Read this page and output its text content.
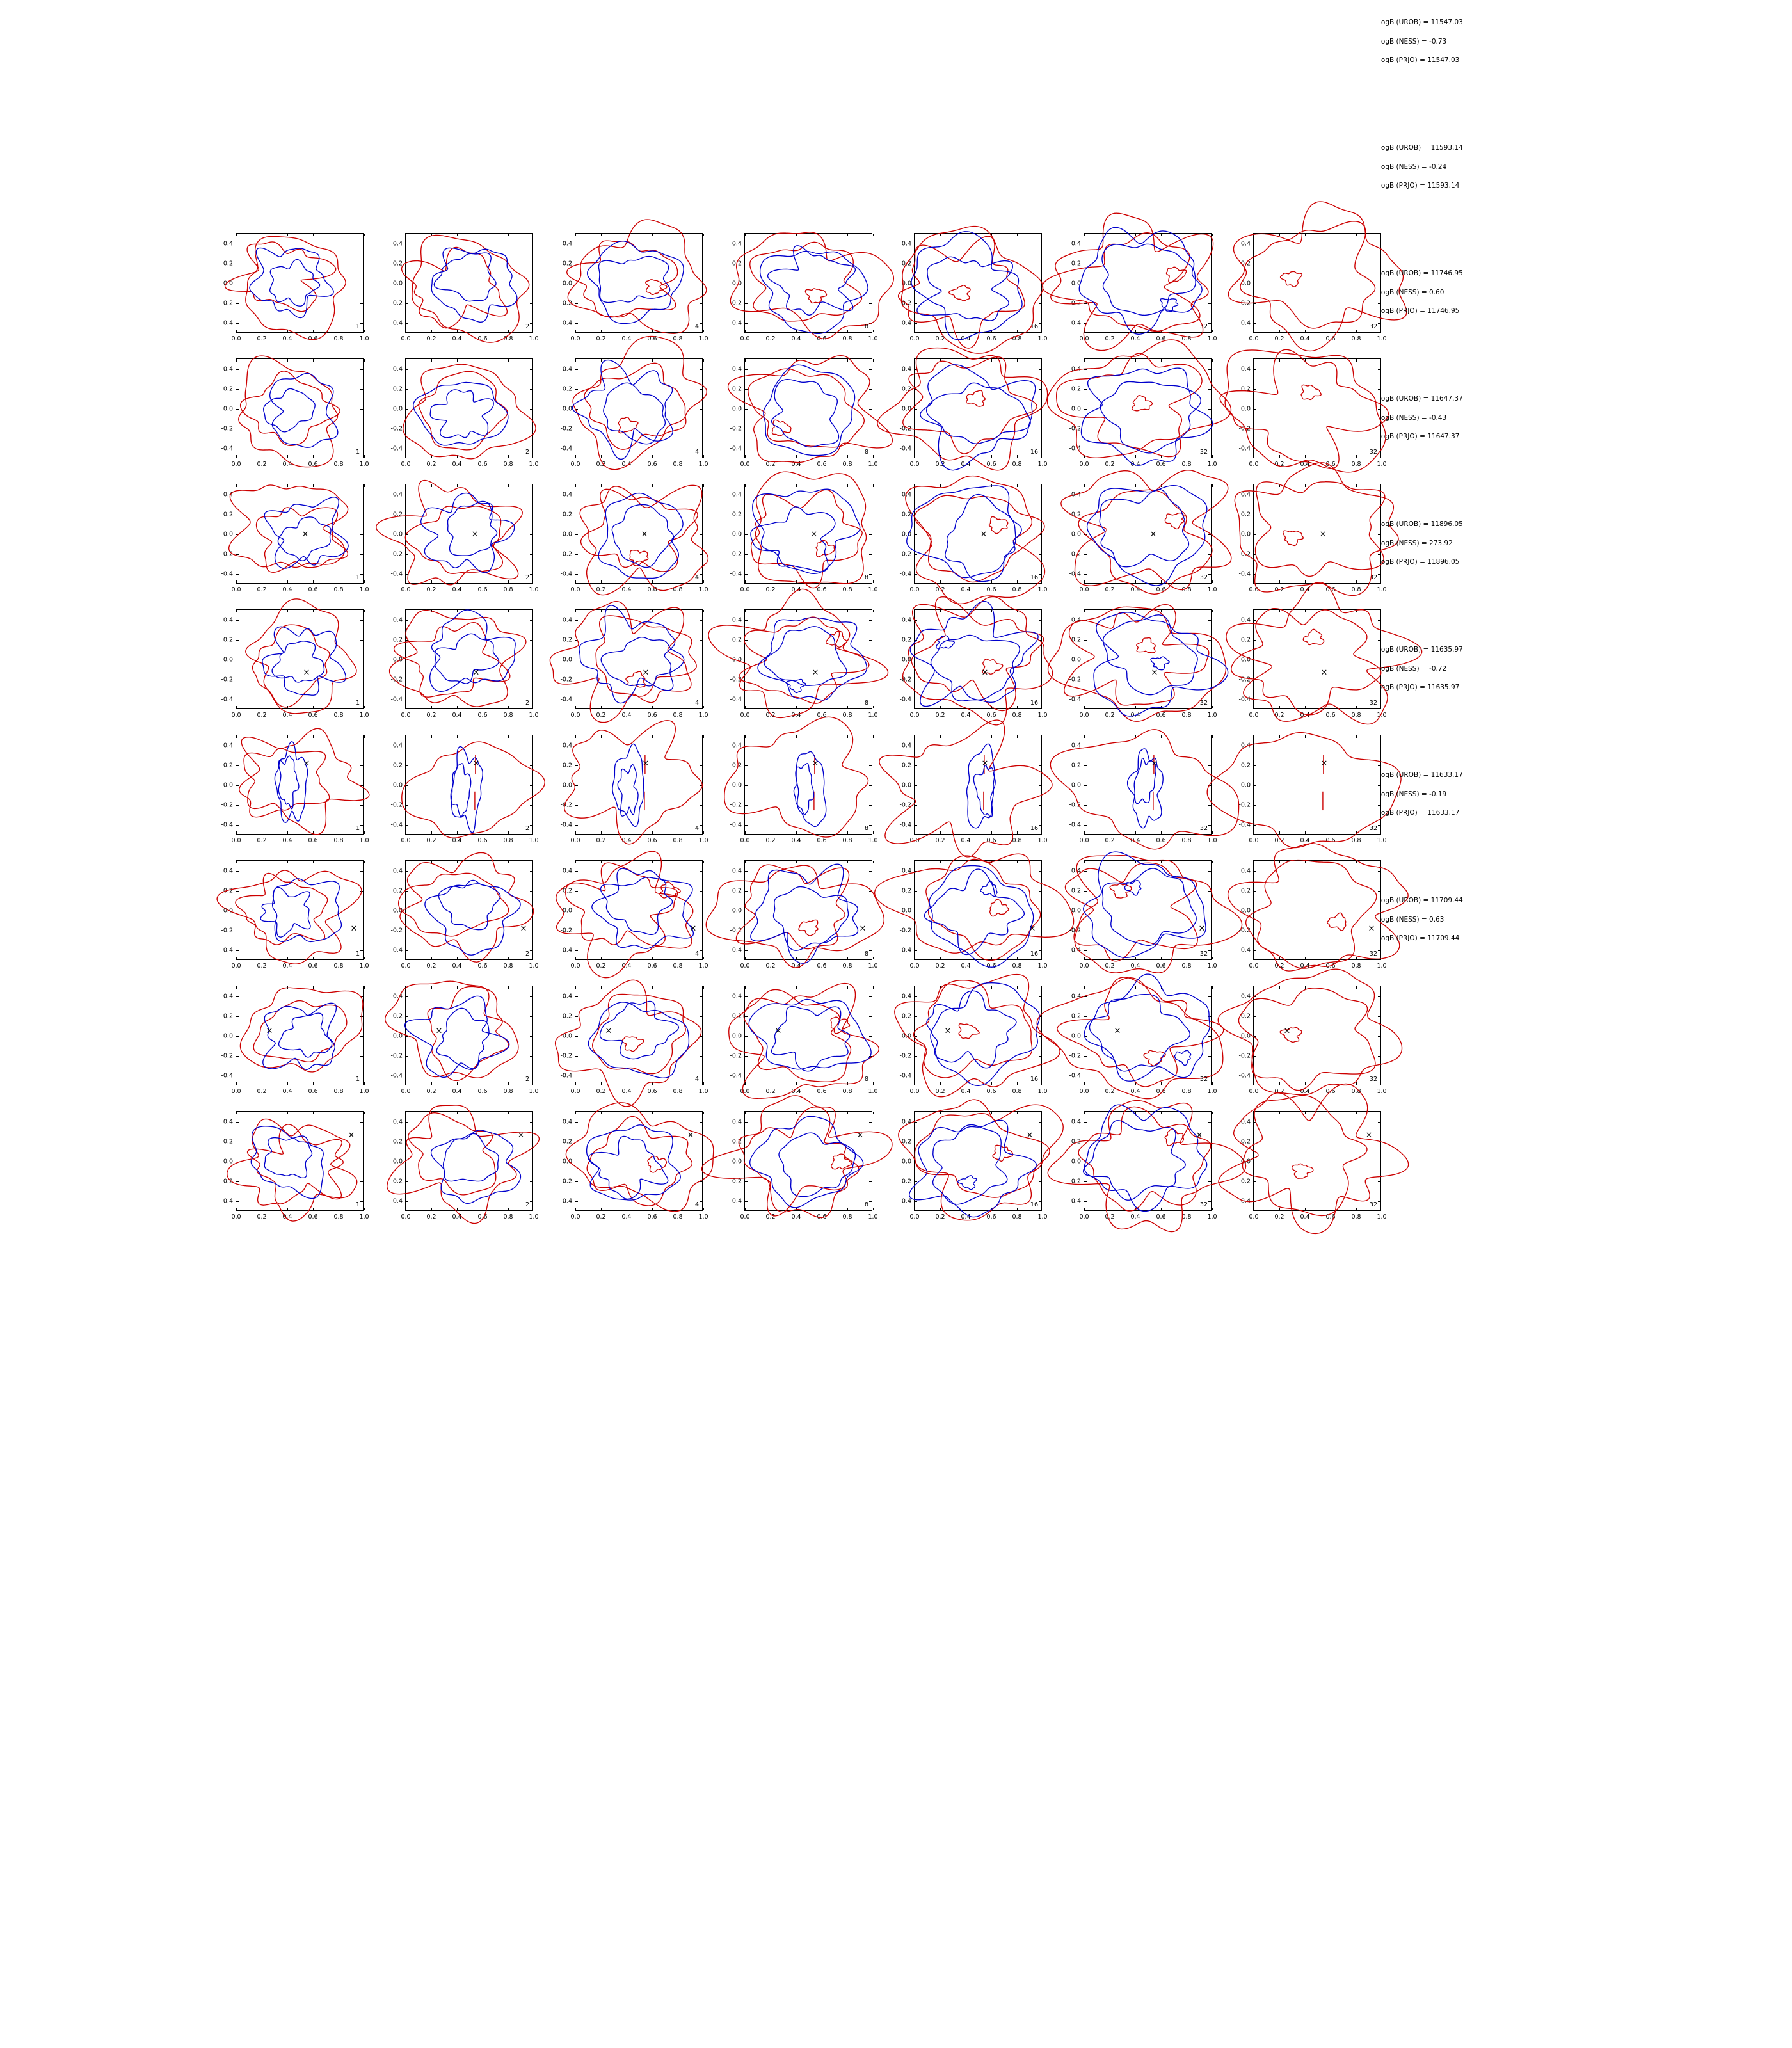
-0.4
-0.2
0.0
0.2
0.4
0.0	0.2	0.4	0.6	0.8	1.0
1	-0.4
-0.2
0.0
0.2
0.4
0.0	0.2	0.4	0.6	0.8	1.0
2	-0.4
-0.2
0.0
0.2
0.4
0.0	0.2	0.4	0.6	0.8	1.0
4	-0.4
-0.2
0.0
0.2
0.4
0.0	0.2	0.4	0.6	0.8	1.0
8	-0.4
-0.2
0.0
0.2
0.4
0.0	0.2	0.4	0.6	0.8	1.0
16	-0.4
-0.2
0.0
0.2
0.4
0.0	0.2	0.4	0.6	0.8	1.0
32	-0.4
-0.2
0.0
0.2
0.4
0.0	0.2	0.4	0.6	0.8	1.0
32
-0.4
-0.2
0.0
0.2
0.4
0.0	0.2	0.4	0.6	0.8	1.0
1	-0.4
-0.2
0.0
0.2
0.4
0.0	0.2	0.4	0.6	0.8	1.0
2	-0.4
-0.2
0.0
0.2
0.4
0.0	0.2	0.4	0.6	0.8	1.0
4	-0.4
-0.2
0.0
0.2
0.4
0.0	0.2	0.4	0.6	0.8	1.0
8	-0.4
-0.2
0.0
0.2
0.4
0.0	0.2	0.4	0.6	0.8	1.0
16	-0.4
-0.2
0.0
0.2
0.4
0.0	0.2	0.4	0.6	0.8	1.0
32	-0.4
-0.2
0.0
0.2
0.4
0.0	0.2	0.4	0.6	0.8	1.0
32
-0.4
-0.2
0.0
0.2
0.4
0.0	0.2	0.4	0.6	0.8	1.0
×
1	-0.4
-0.2
0.0
0.2
0.4
0.0	0.2	0.4	0.6	0.8	1.0
×
2	-0.4
-0.2
0.0
0.2
0.4
0.0	0.2	0.4	0.6	0.8	1.0
×
4	-0.4
-0.2
0.0
0.2
0.4
0.0	0.2	0.4	0.6	0.8	1.0
×
8	-0.4
-0.2
0.0
0.2
0.4
0.0	0.2	0.4	0.6	0.8	1.0
×
16	-0.4
-0.2
0.0
0.2
0.4
0.0	0.2	0.4	0.6	0.8	1.0
×
32	-0.4
-0.2
0.0
0.2
0.4
0.0	0.2	0.4	0.6	0.8	1.0
×
32
-0.4
-0.2
0.0
0.2
0.4
0.0	0.2	0.4	0.6	0.8	1.0
×
1	-0.4
-0.2
0.0
0.2
0.4
0.0	0.2	0.4	0.6	0.8	1.0
×
2	-0.4
-0.2
0.0
0.2
0.4
0.0	0.2	0.4	0.6	0.8	1.0
×
4	-0.4
-0.2
0.0
0.2
0.4
0.0	0.2	0.4	0.6	0.8	1.0
×
8	-0.4
-0.2
0.0
0.2
0.4
0.0	0.2	0.4	0.6	0.8	1.0
×
16	-0.4
-0.2
0.0
0.2
0.4
0.0	0.2	0.4	0.6	0.8	1.0
×
32	-0.4
-0.2
0.0
0.2
0.4
0.0	0.2	0.4	0.6	0.8	1.0
×
32
-0.4
-0.2
0.0
0.2
0.4
0.0	0.2	0.4	0.6	0.8	1.0
×
1	-0.4
-0.2
0.0
0.2
0.4
0.0	0.2	0.4	0.6	0.8	1.0
×
2	-0.4
-0.2
0.0
0.2
0.4
0.0	0.2	0.4	0.6	0.8	1.0
×
4	-0.4
-0.2
0.0
0.2
0.4
0.0	0.2	0.4	0.6	0.8	1.0
×
8	-0.4
-0.2
0.0
0.2
0.4
0.0	0.2	0.4	0.6	0.8	1.0
×
16	-0.4
-0.2
0.0
0.2
0.4
0.0	0.2	0.4	0.6	0.8	1.0
×
32	-0.4
-0.2
0.0
0.2
0.4
0.0	0.2	0.4	0.6	0.8	1.0
×
32
-0.4
-0.2
0.0
0.2
0.4
0.0	0.2	0.4	0.6	0.8	1.0
×
1	-0.4
-0.2
0.0
0.2
0.4
0.0	0.2	0.4	0.6	0.8	1.0
×
2	-0.4
-0.2
0.0
0.2
0.4
0.0	0.2	0.4	0.6	0.8	1.0
×
4	-0.4
-0.2
0.0
0.2
0.4
0.0	0.2	0.4	0.6	0.8	1.0
×
8	-0.4
-0.2
0.0
0.2
0.4
0.0	0.2	0.4	0.6	0.8	1.0
×
16	-0.4
-0.2
0.0
0.2
0.4
0.0	0.2	0.4	0.6	0.8	1.0
×
32	-0.4
-0.2
0.0
0.2
0.4
0.0	0.2	0.4	0.6	0.8	1.0
×
32
-0.4
-0.2
0.0
0.2
0.4
0.0	0.2	0.4	0.6	0.8	1.0
×
1	-0.4
-0.2
0.0
0.2
0.4
0.0	0.2	0.4	0.6	0.8	1.0
×
2	-0.4
-0.2
0.0
0.2
0.4
0.0	0.2	0.4	0.6	0.8	1.0
×
4	-0.4
-0.2
0.0
0.2
0.4
0.0	0.2	0.4	0.6	0.8	1.0
×
8	-0.4
-0.2
0.0
0.2
0.4
0.0	0.2	0.4	0.6	0.8	1.0
×
16	-0.4
-0.2
0.0
0.2
0.4
0.0	0.2	0.4	0.6	0.8	1.0
×
32	-0.4
-0.2
0.0
0.2
0.4
0.0	0.2	0.4	0.6	0.8	1.0
×
32
-0.4
-0.2
0.0
0.2
0.4
0.0	0.2	0.4	0.6	0.8	1.0
×
1	-0.4
-0.2
0.0
0.2
0.4
0.0	0.2	0.4	0.6	0.8	1.0
×
2	-0.4
-0.2
0.0
0.2
0.4
0.0	0.2	0.4	0.6	0.8	1.0
×
4	-0.4
-0.2
0.0
0.2
0.4
0.0	0.2	0.4	0.6	0.8	1.0
×
8	-0.4
-0.2
0.0
0.2
0.4
0.0	0.2	0.4	0.6	0.8	1.0
×
16	-0.4
-0.2
0.0
0.2
0.4
0.0	0.2	0.4	0.6	0.8	1.0
×
32	-0.4
-0.2
0.0
0.2
0.4
0.0	0.2	0.4	0.6	0.8	1.0
×
32
logB (UROB) = 11547.03
logB (NESS) = -0.73
logB (PRJO) = 11547.03
logB (UROB) = 11593.14
logB (NESS) = -0.24
logB (PRJO) = 11593.14
logB (UROB) = 11746.95
logB (NESS) = 0.60
logB (PRJO) = 11746.95
logB (UROB) = 11647.37
logB (NESS) = -0.43
logB (PRJO) = 11647.37
logB (UROB) = 11896.05
logB (NESS) = 273.92
logB (PRJO) = 11896.05
logB (UROB) = 11635.97
logB (NESS) = -0.72
logB (PRJO) = 11635.97
logB (UROB) = 11633.17
logB (NESS) = -0.19
logB (PRJO) = 11633.17
logB (UROB) = 11709.44
logB (NESS) = 0.63
logB (PRJO) = 11709.44
